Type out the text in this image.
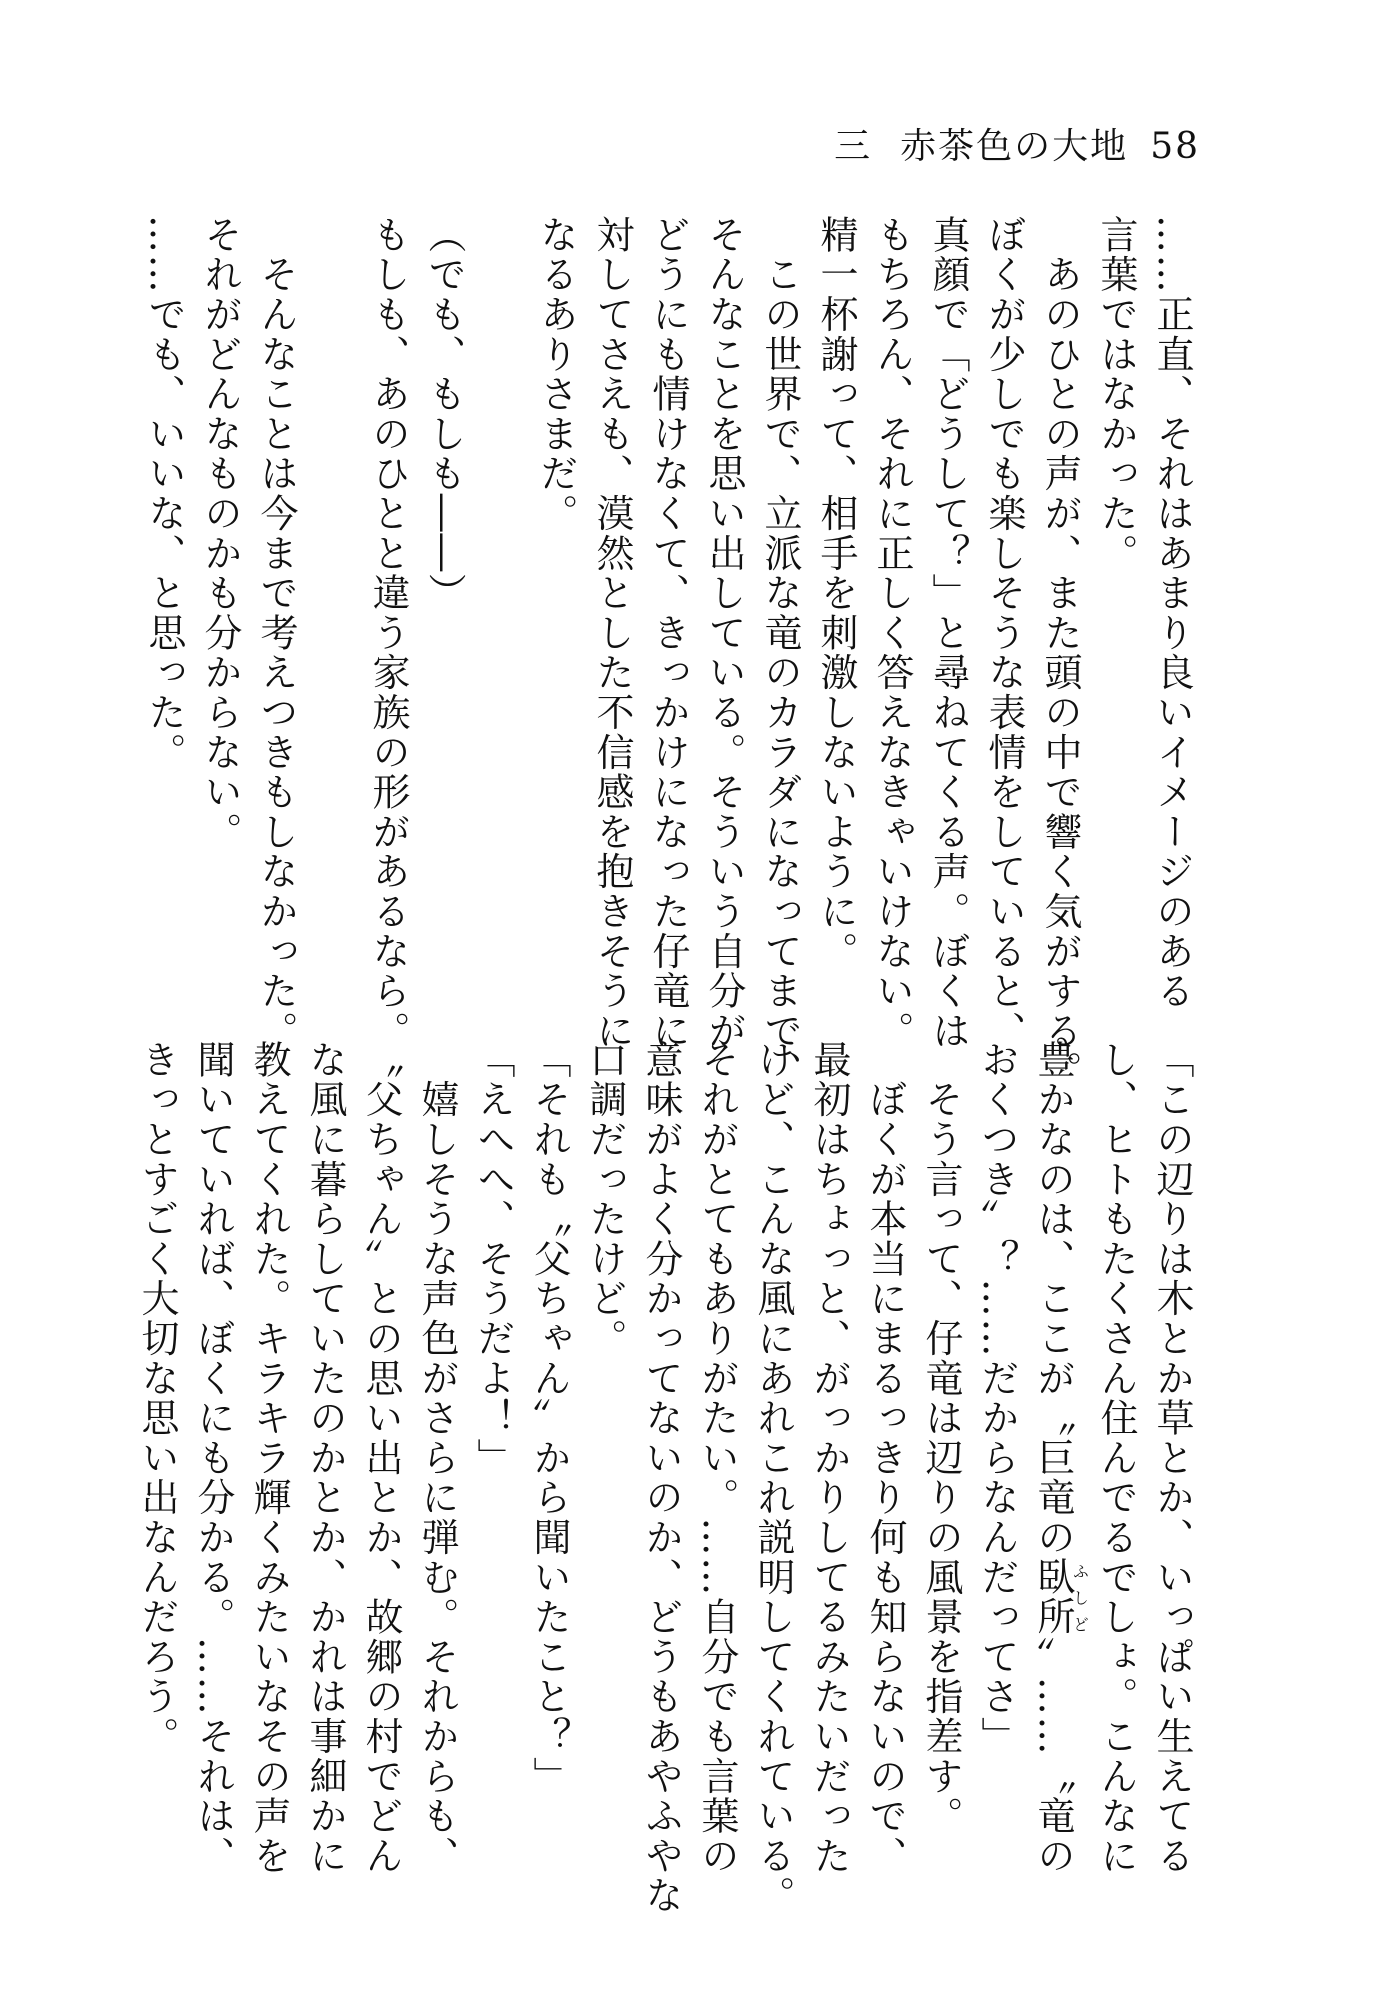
三 赤茶色の大地 58
……正直、それはあまり良いイメージのある
言葉ではなかった。
　あのひとの声が、また頭の中で響く気がする。
ぼくが少しでも楽しそうな表情をしていると、
真顔で「どうして？」と尋ねてくる声。ぼくは
もちろん、それに正しく答えなきゃいけない。
精一杯謝って、相手を刺激しないように。
　この世界で、立派な竜のカラダになってまで、
そんなことを思い出している。そういう自分が
どうにも情けなくて、きっかけになった仔竜に
対してさえも、漠然とした不信感を抱きそうに
なるありさまだ。
（でも、もしも――）
もしも、あのひとと違う家族の形があるなら。
　そんなことは今まで考えつきもしなかった。
それがどんなものかも分からない。
……でも、いいな、と思った。
「この辺りは木とか草とか、いっぱい生えてる
し、ヒトもたくさん住んでるでしょ。こんなに
豊かなのは、ここが〝巨竜の臥所ふしど〟……〝竜の
おくつき〟？……だからなんだってさ」
　そう言って、仔竜は辺りの風景を指差す。
　ぼくが本当にまるっきり何も知らないので、
最初はちょっと、がっかりしてるみたいだった
けど、こんな風にあれこれ説明してくれている。
それがとてもありがたい。……自分でも言葉の
意味がよく分かってないのか、どうもあやふやな
口調だったけど。
「それも〝父ちゃん〟から聞いたこと？」
「えへへ、そうだよ！」
　嬉しそうな声色がさらに弾む。それからも、
〝父ちゃん〟との思い出とか、故郷の村でどん
な風に暮らしていたのかとか、かれは事細かに
教えてくれた。キラキラ輝くみたいなその声を
聞いていれば、ぼくにも分かる。……それは、
きっとすごく大切な思い出なんだろう。
